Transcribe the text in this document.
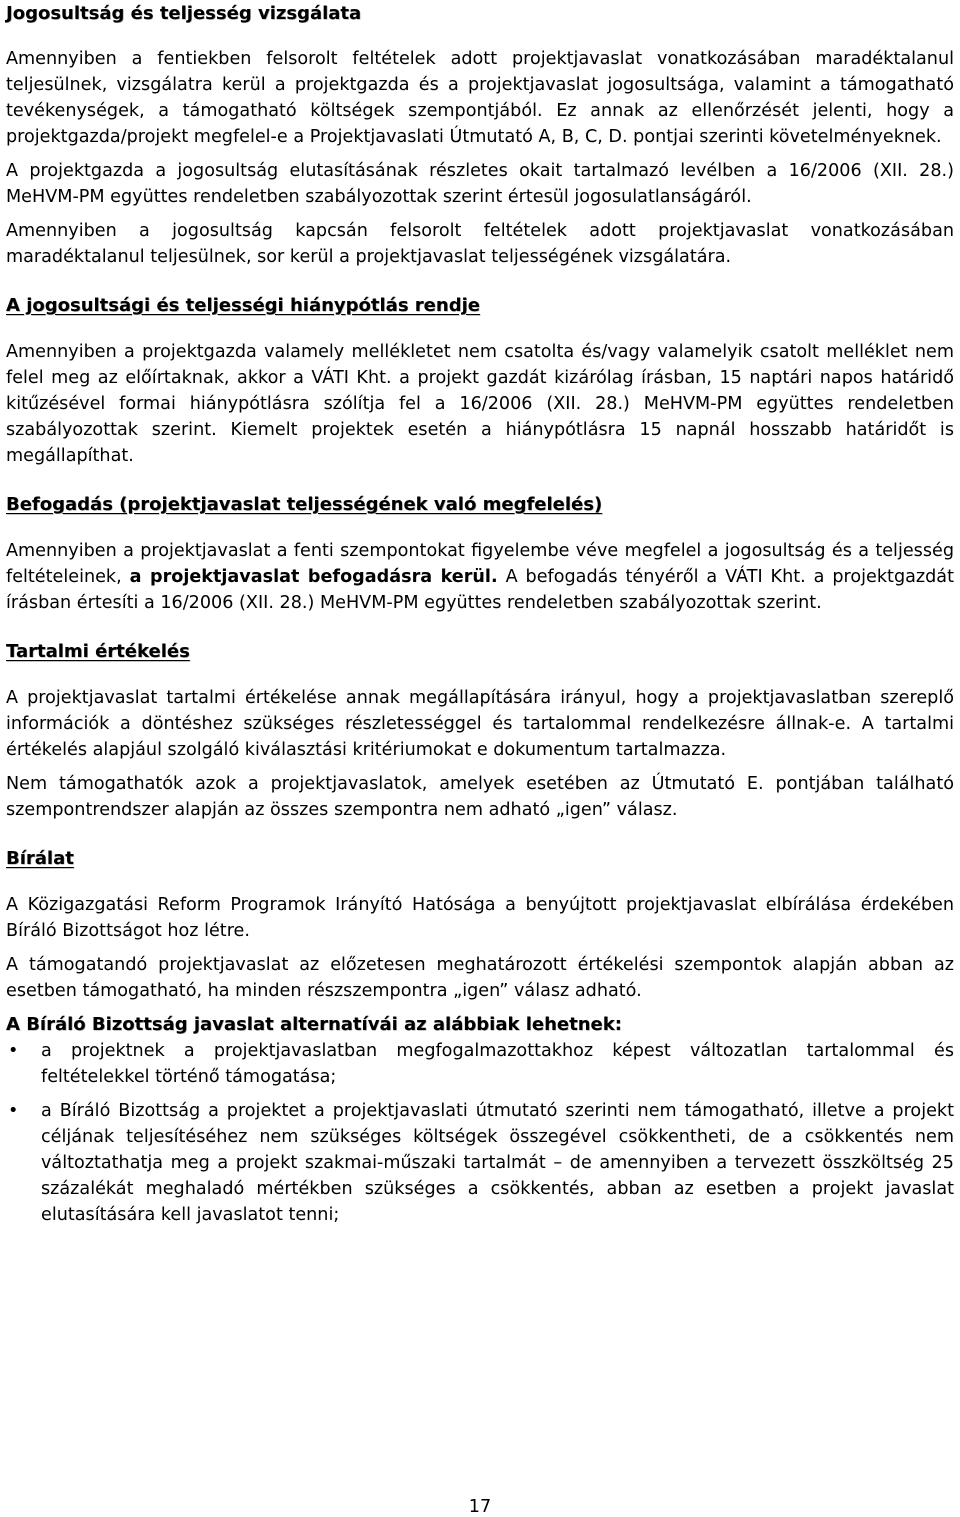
Jogosultság és teljesség vizsgálata

Amennyiben a fentiekben felsorolt feltételek adott projektjavaslat vonatkozásában maradéktalanul teljesülnek, vizsgálatra kerül a projektgazda és a projektjavaslat jogosultsága, valamint a támogatható tevékenységek, a támogatható költségek szempontjából. Ez annak az ellenőrzését jelenti, hogy a projektgazda/projekt megfelel-e a Projektjavaslati Útmutató A, B, C, D. pontjai szerinti követelményeknek.

A projektgazda a jogosultság elutasításának részletes okait tartalmazó levélben a 16/2006 (XII. 28.) MeHVM-PM együttes rendeletben szabályozottak szerint értesül jogosulatlanságáról.

Amennyiben a jogosultság kapcsán felsorolt feltételek adott projektjavaslat vonatkozásában maradéktalanul teljesülnek, sor kerül a projektjavaslat teljességének vizsgálatára.

A jogosultsági és teljességi hiánypótlás rendje

Amennyiben a projektgazda valamely mellékletet nem csatolta és/vagy valamelyik csatolt melléklet nem felel meg az előírtaknak, akkor a VÁTI Kht. a projekt gazdát kizárólag írásban, 15 naptári napos határidő kitűzésével formai hiánypótlásra szólítja fel a 16/2006 (XII. 28.) MeHVM-PM együttes rendeletben szabályozottak szerint. Kiemelt projektek esetén a hiánypótlásra 15 napnál hosszabb határidőt is megállapíthat.

Befogadás (projektjavaslat teljességének való megfelelés)

Amennyiben a projektjavaslat a fenti szempontokat figyelembe véve megfelel a jogosultság és a teljesség feltételeinek, a projektjavaslat befogadásra kerül. A befogadás tényéről a VÁTI Kht. a projektgazdát írásban értesíti a 16/2006 (XII. 28.) MeHVM-PM együttes rendeletben szabályozottak szerint.

Tartalmi értékelés

A projektjavaslat tartalmi értékelése annak megállapítására irányul, hogy a projektjavaslatban szereplő információk a döntéshez szükséges részletességgel és tartalommal rendelkezésre állnak-e. A tartalmi értékelés alapjául szolgáló kiválasztási kritériumokat e dokumentum tartalmazza.

Nem támogathatók azok a projektjavaslatok, amelyek esetében az Útmutató E. pontjában található szempontrendszer alapján az összes szempontra nem adható „igen” válasz.

Bírálat

A Közigazgatási Reform Programok Irányító Hatósága a benyújtott projektjavaslat elbírálása érdekében Bíráló Bizottságot hoz létre.

A támogatandó projektjavaslat az előzetesen meghatározott értékelési szempontok alapján abban az esetben támogatható, ha minden részszempontra „igen” válasz adható.

A Bíráló Bizottság javaslat alternatívái az alábbiak lehetnek:

• a projektnek a projektjavaslatban megfogalmazottakhoz képest változatlan tartalommal és feltételekkel történő támogatása;
• a Bíráló Bizottság a projektet a projektjavaslati útmutató szerinti nem támogatható, illetve a projekt céljának teljesítéséhez nem szükséges költségek összegével csökkentheti, de a csökkentés nem változtathatja meg a projekt szakmai-műszaki tartalmát – de amennyiben a tervezett összköltség 25 százalékát meghaladó mértékben szükséges a csökkentés, abban az esetben a projekt javaslat elutasítására kell javaslatot tenni;
17
